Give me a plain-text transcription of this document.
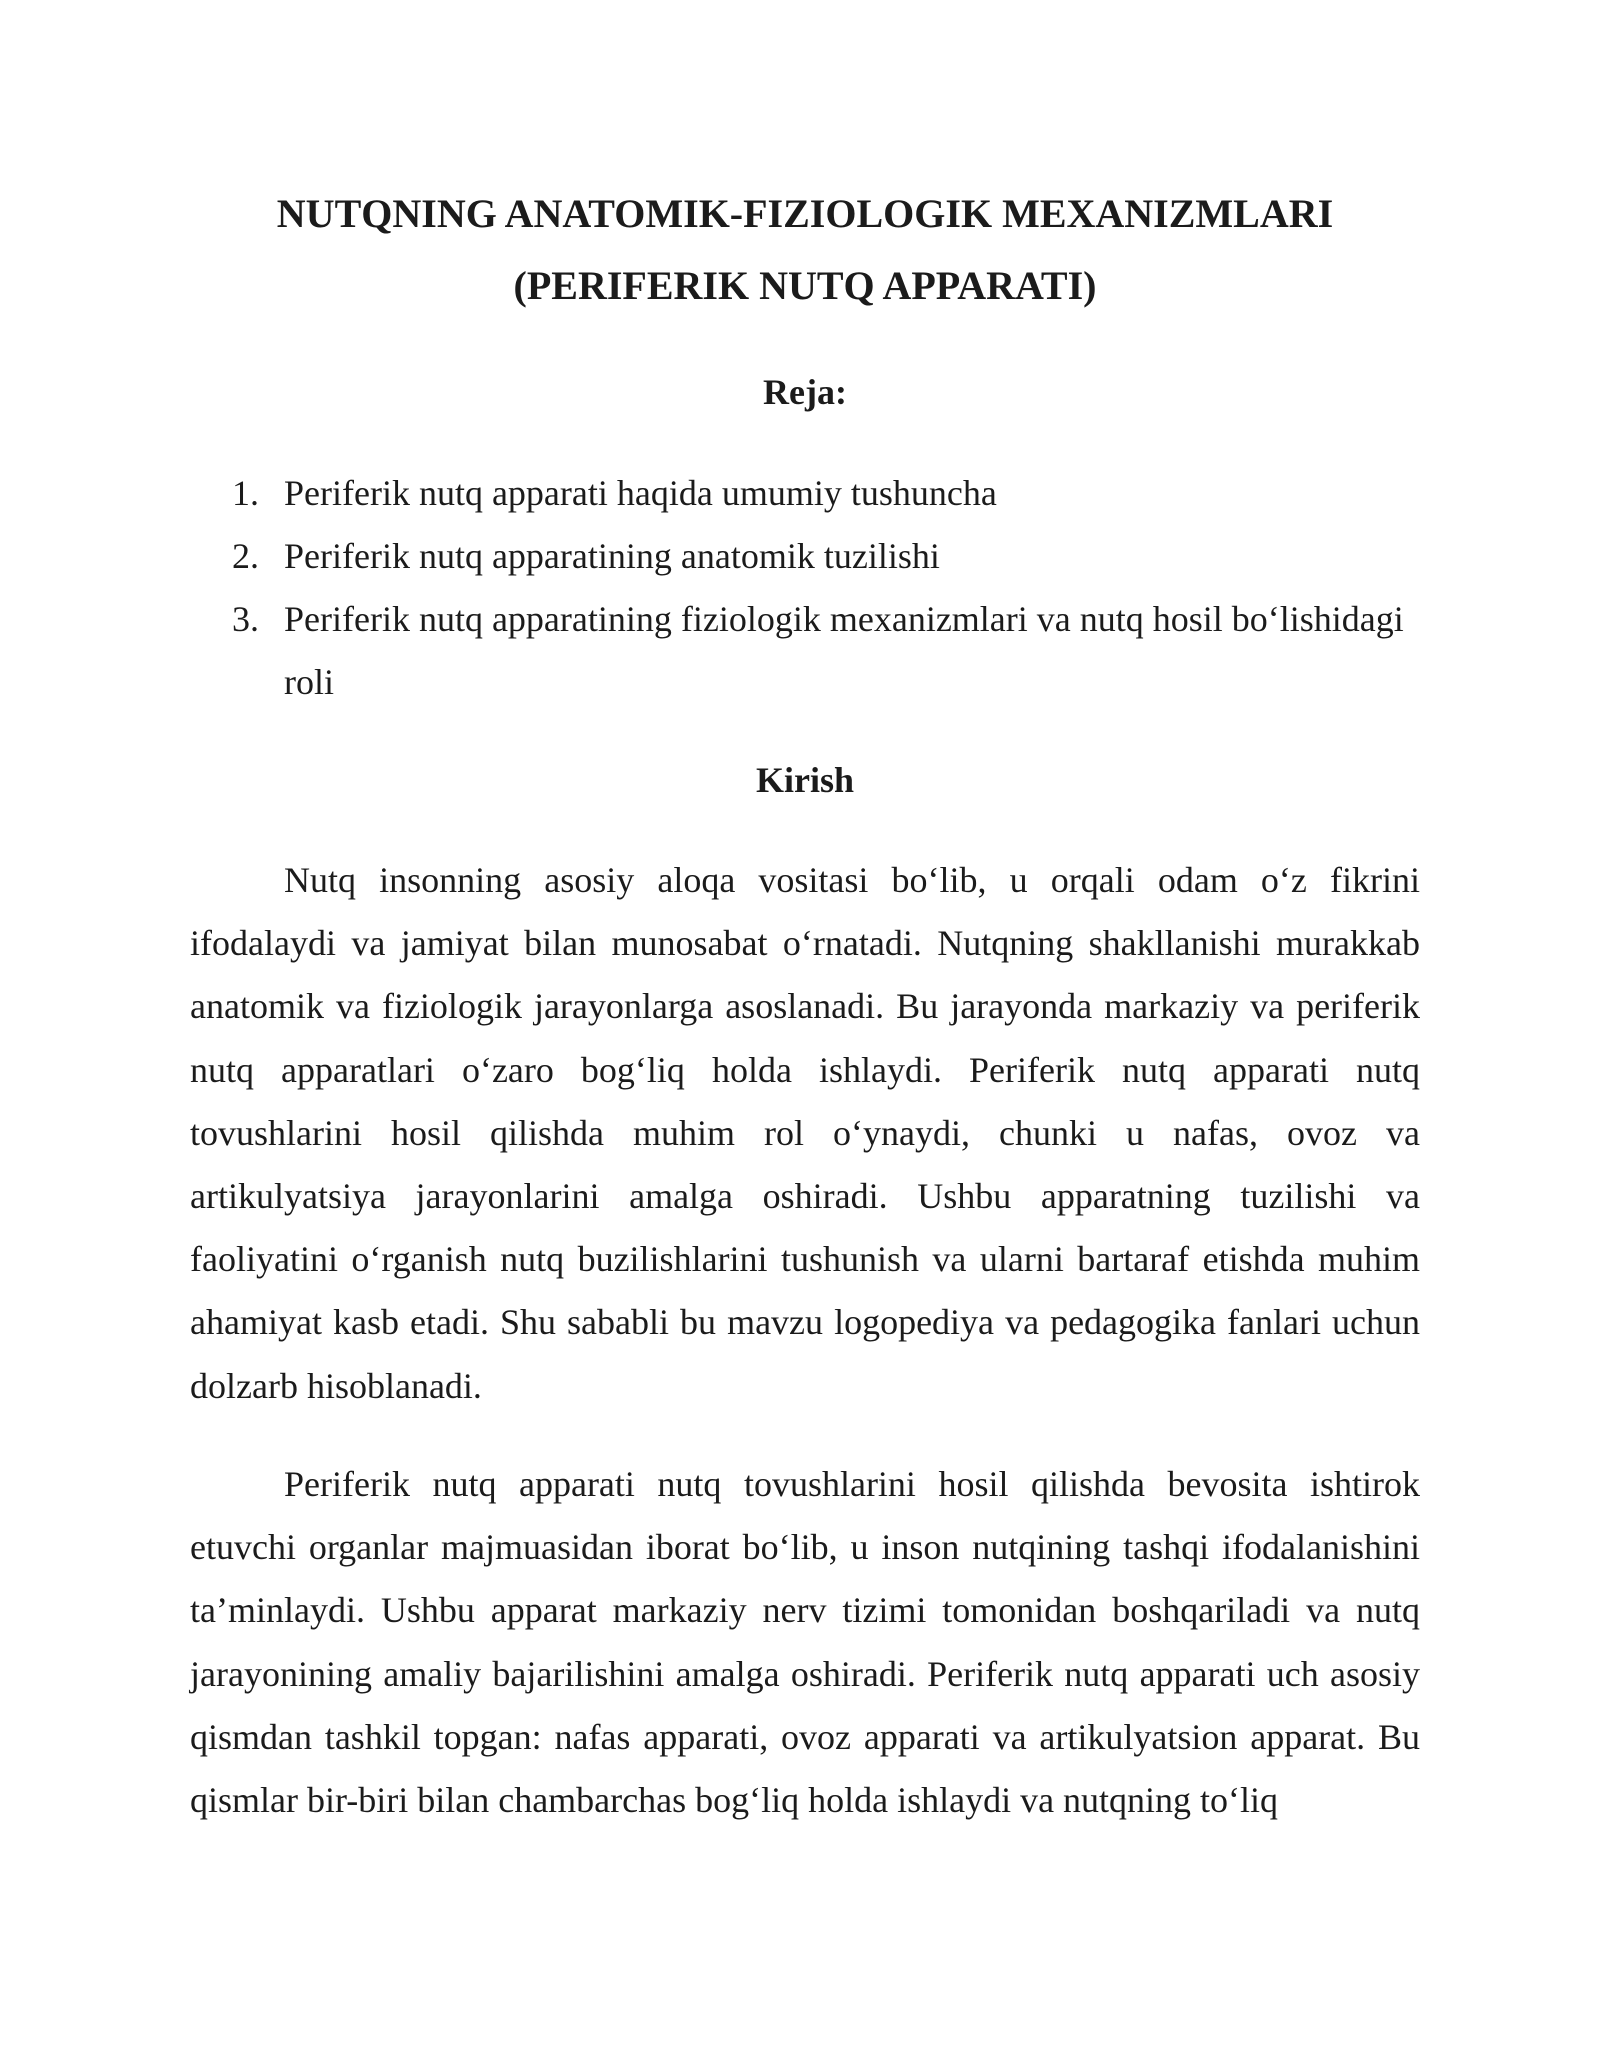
NUTQNING ANATOMIK-FIZIOLOGIK MEXANIZMLARI
(PERIFERIK NUTQ APPARATI)
Reja:
1. Periferik nutq apparati haqida umumiy tushuncha
2. Periferik nutq apparatining anatomik tuzilishi
3. Periferik nutq apparatining fiziologik mexanizmlari va nutq hosil bo‘lishidagi roli
Kirish

Nutq insonning asosiy aloqa vositasi bo‘lib, u orqali odam o‘z fikrini ifodalaydi va jamiyat bilan munosabat o‘rnatadi. Nutqning shakllanishi murakkab anatomik va fiziologik jarayonlarga asoslanadi. Bu jarayonda markaziy va periferik nutq apparatlari o‘zaro bog‘liq holda ishlaydi. Periferik nutq apparati nutq tovushlarini hosil qilishda muhim rol o‘ynaydi, chunki u nafas, ovoz va artikulyatsiya jarayonlarini amalga oshiradi. Ushbu apparatning tuzilishi va faoliyatini o‘rganish nutq buzilishlarini tushunish va ularni bartaraf etishda muhim ahamiyat kasb etadi. Shu sababli bu mavzu logopediya va pedagogika fanlari uchun dolzarb hisoblanadi.

Periferik nutq apparati nutq tovushlarini hosil qilishda bevosita ishtirok etuvchi organlar majmuasidan iborat bo‘lib, u inson nutqining tashqi ifodalanishini ta’minlaydi. Ushbu apparat markaziy nerv tizimi tomonidan boshqariladi va nutq jarayonining amaliy bajarilishini amalga oshiradi. Periferik nutq apparati uch asosiy qismdan tashkil topgan: nafas apparati, ovoz apparati va artikulyatsion apparat. Bu qismlar bir-biri bilan chambarchas bog‘liq holda ishlaydi va nutqning to‘liq
